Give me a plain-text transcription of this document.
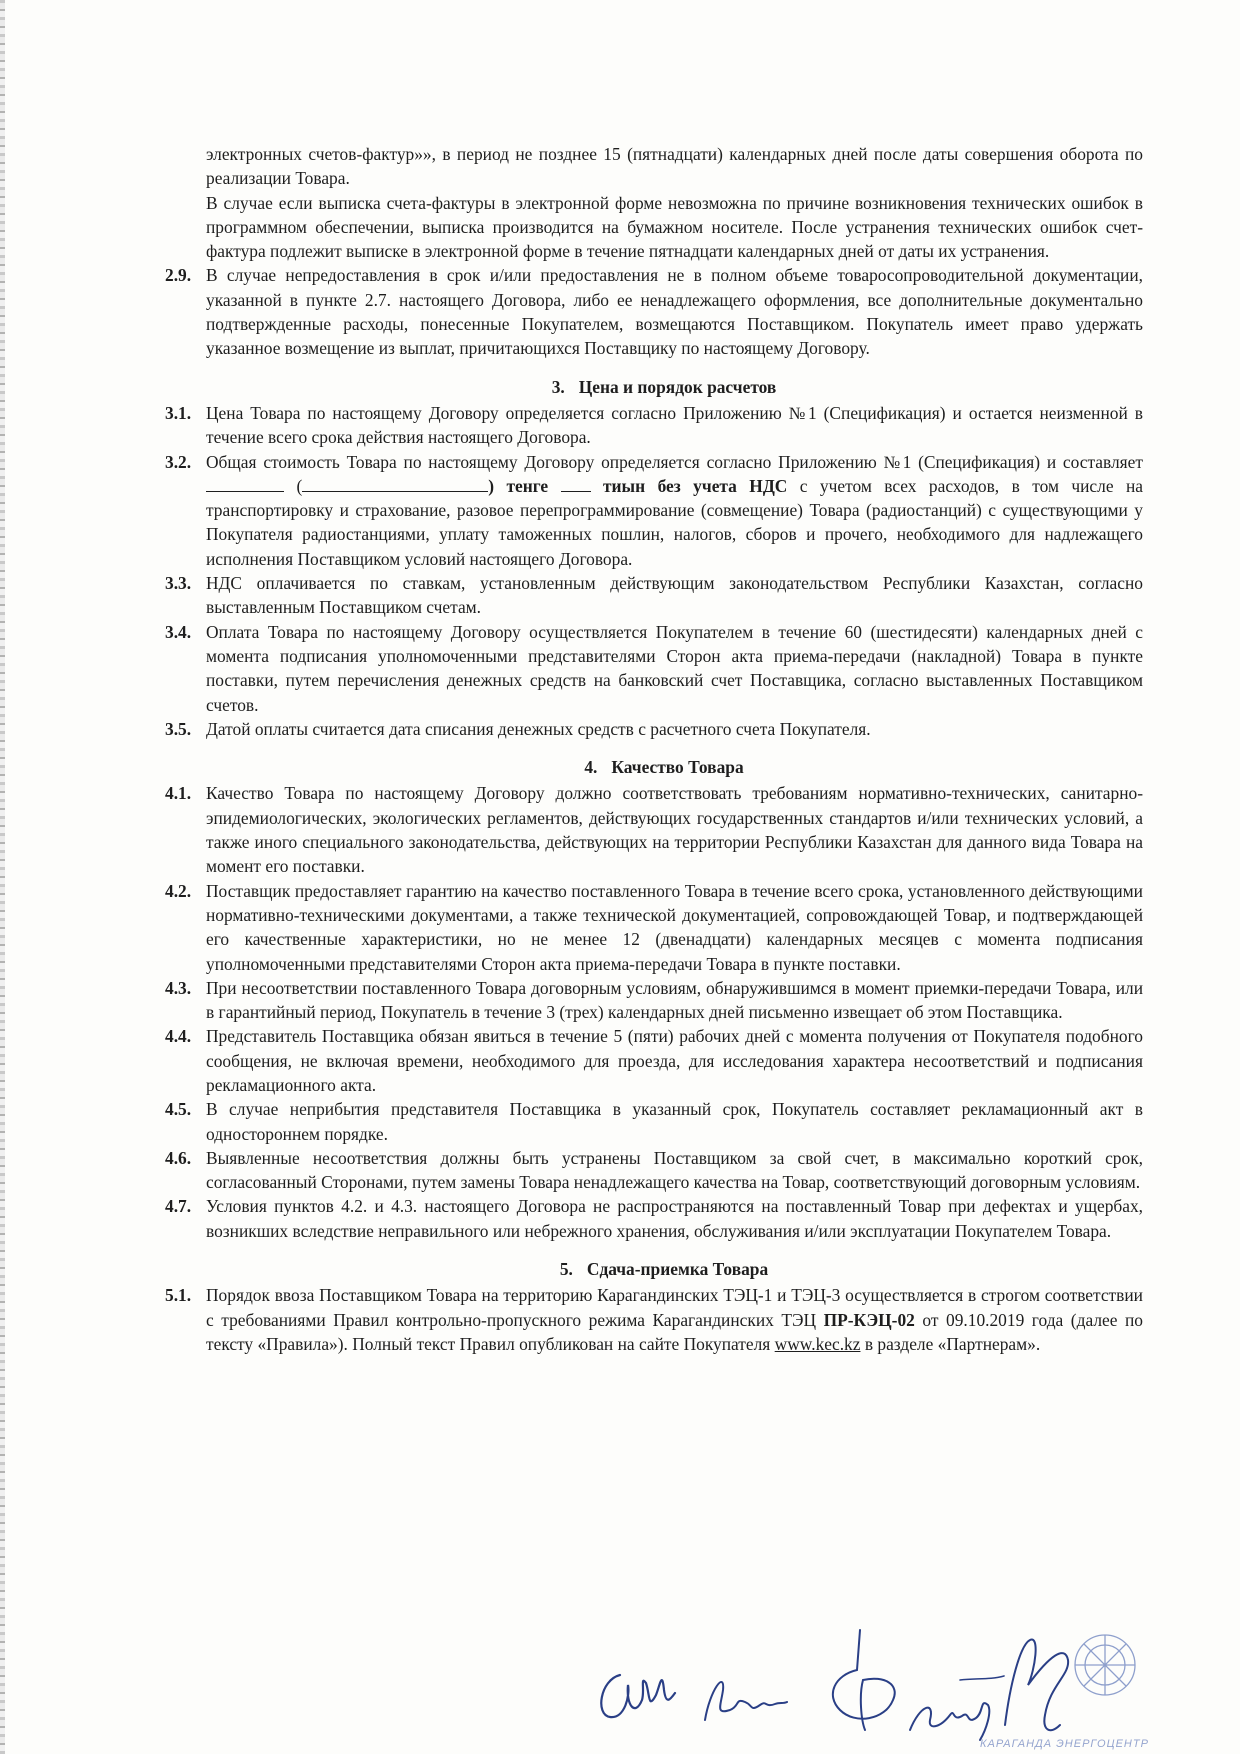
электронных счетов-фактур»», в период не позднее 15 (пятнадцати) календарных дней после даты совершения оборота по реализации Товара.

В случае если выписка счета-фактуры в электронной форме невозможна по причине возникновения технических ошибок в программном обеспечении, выписка производится на бумажном носителе. После устранения технических ошибок счет-фактура подлежит выписке в электронной форме в течение пятнадцати календарных дней от даты их устранения.

2.9. В случае непредоставления в срок и/или предоставления не в полном объеме товаросопроводительной документации, указанной в пункте 2.7. настоящего Договора, либо ее ненадлежащего оформления, все дополнительные документально подтвержденные расходы, понесенные Покупателем, возмещаются Поставщиком. Покупатель имеет право удержать указанное возмещение из выплат, причитающихся Поставщику по настоящему Договору.
3. Цена и порядок расчетов
3.1. Цена Товара по настоящему Договору определяется согласно Приложению №1 (Спецификация) и остается неизменной в течение всего срока действия настоящего Договора.
3.2. Общая стоимость Товара по настоящему Договору определяется согласно Приложению №1 (Спецификация) и составляет  (	) тенге	тиын без учета НДС с учетом всех расходов, в том числе на транспортировку и страхование, разовое перепрограммирование (совмещение) Товара (радиостанций) с существующими у Покупателя радиостанциями, уплату таможенных пошлин, налогов, сборов и прочего, необходимого для надлежащего исполнения Поставщиком условий настоящего Договора.
3.3. НДС оплачивается по ставкам, установленным действующим законодательством Республики Казахстан, согласно выставленным Поставщиком счетам.
3.4. Оплата Товара по настоящему Договору осуществляется Покупателем в течение 60 (шестидесяти) календарных дней с момента подписания уполномоченными представителями Сторон акта приема-передачи (накладной) Товара в пункте поставки, путем перечисления денежных средств на банковский счет Поставщика, согласно выставленных Поставщиком счетов.
3.5. Датой оплаты считается дата списания денежных средств с расчетного счета Покупателя.
4. Качество Товара
4.1. Качество Товара по настоящему Договору должно соответствовать требованиям нормативно-технических, санитарно-эпидемиологических, экологических регламентов, действующих государственных стандартов и/или технических условий, а также иного специального законодательства, действующих на территории Республики Казахстан для данного вида Товара на момент его поставки.
4.2. Поставщик предоставляет гарантию на качество поставленного Товара в течение всего срока, установленного действующими нормативно-техническими документами, а также технической документацией, сопровождающей Товар, и подтверждающей его качественные характеристики, но не менее 12 (двенадцати) календарных месяцев с момента подписания уполномоченными представителями Сторон акта приема-передачи Товара в пункте поставки.
4.3. При несоответствии поставленного Товара договорным условиям, обнаружившимся в момент приемки-передачи Товара, или в гарантийный период, Покупатель в течение 3 (трех) календарных дней письменно извещает об этом Поставщика.
4.4. Представитель Поставщика обязан явиться в течение 5 (пяти) рабочих дней с момента получения от Покупателя подобного сообщения, не включая времени, необходимого для проезда, для исследования характера несоответствий и подписания рекламационного акта.
4.5. В случае неприбытия представителя Поставщика в указанный срок, Покупатель составляет рекламационный акт в одностороннем порядке.
4.6. Выявленные несоответствия должны быть устранены Поставщиком за свой счет, в максимально короткий срок, согласованный Сторонами, путем замены Товара ненадлежащего качества на Товар, соответствующий договорным условиям.
4.7. Условия пунктов 4.2. и 4.3. настоящего Договора не распространяются на поставленный Товар при дефектах и ущербах, возникших вследствие неправильного или небрежного хранения, обслуживания и/или эксплуатации Покупателем Товара.
5. Сдача-приемка Товара
5.1. Порядок ввоза Поставщиком Товара на территорию Карагандинских ТЭЦ-1 и ТЭЦ-3 осуществляется в строгом соответствии с требованиями Правил контрольно-пропускного режима Карагандинских ТЭЦ ПР-КЭЦ-02 от 09.10.2019 года (далее по тексту «Правила»). Полный текст Правил опубликован на сайте Покупателя www.kec.kz в разделе «Партнерам».
КАРАГАНДА ЭНЕРГОЦЕНТР
